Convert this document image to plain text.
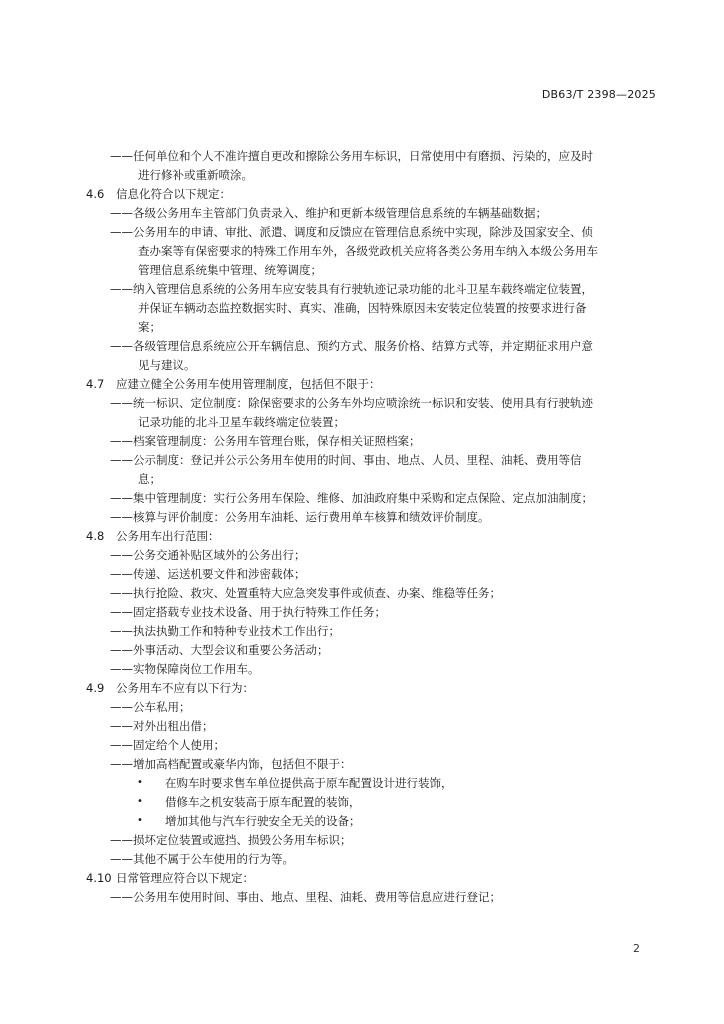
DB63/T 2398—2025
——任何单位和个人不准许擅自更改和擦除公务用车标识，日常使用中有磨损、污染的，应及时
进行修补或重新喷涂。
4.6 信息化符合以下规定：
——各级公务用车主管部门负责录入、维护和更新本级管理信息系统的车辆基础数据；
——公务用车的申请、审批、派遣、调度和反馈应在管理信息系统中实现，除涉及国家安全、侦
查办案等有保密要求的特殊工作用车外，各级党政机关应将各类公务用车纳入本级公务用车
管理信息系统集中管理、统筹调度；
——纳入管理信息系统的公务用车应安装具有行驶轨迹记录功能的北斗卫星车载终端定位装置，
并保证车辆动态监控数据实时、真实、准确，因特殊原因未安装定位装置的按要求进行备
案；
——各级管理信息系统应公开车辆信息、预约方式、服务价格、结算方式等，并定期征求用户意
见与建议。
4.7 应建立健全公务用车使用管理制度，包括但不限于：
——统一标识、定位制度：除保密要求的公务车外均应喷涂统一标识和安装、使用具有行驶轨迹
记录功能的北斗卫星车载终端定位装置；
——档案管理制度：公务用车管理台账，保存相关证照档案；
——公示制度：登记并公示公务用车使用的时间、事由、地点、人员、里程、油耗、费用等信
息；
——集中管理制度：实行公务用车保险、维修、加油政府集中采购和定点保险、定点加油制度；
——核算与评价制度：公务用车油耗、运行费用单车核算和绩效评价制度。
4.8 公务用车出行范围：
——公务交通补贴区域外的公务出行；
——传递、运送机要文件和涉密载体；
——执行抢险、救灾、处置重特大应急突发事件或侦查、办案、维稳等任务；
——固定搭载专业技术设备、用于执行特殊工作任务；
——执法执勤工作和特种专业技术工作出行；
——外事活动、大型会议和重要公务活动；
——实物保障岗位工作用车。
4.9 公务用车不应有以下行为：
——公车私用；
——对外出租出借；
——固定给个人使用；
——增加高档配置或豪华内饰，包括但不限于：
• 在购车时要求售车单位提供高于原车配置设计进行装饰，
• 借修车之机安装高于原车配置的装饰，
• 增加其他与汽车行驶安全无关的设备；
——损坏定位装置或遮挡、损毁公务用车标识；
——其他不属于公车使用的行为等。
4.10 日常管理应符合以下规定：
——公务用车使用时间、事由、地点、里程、油耗、费用等信息应进行登记；
2
